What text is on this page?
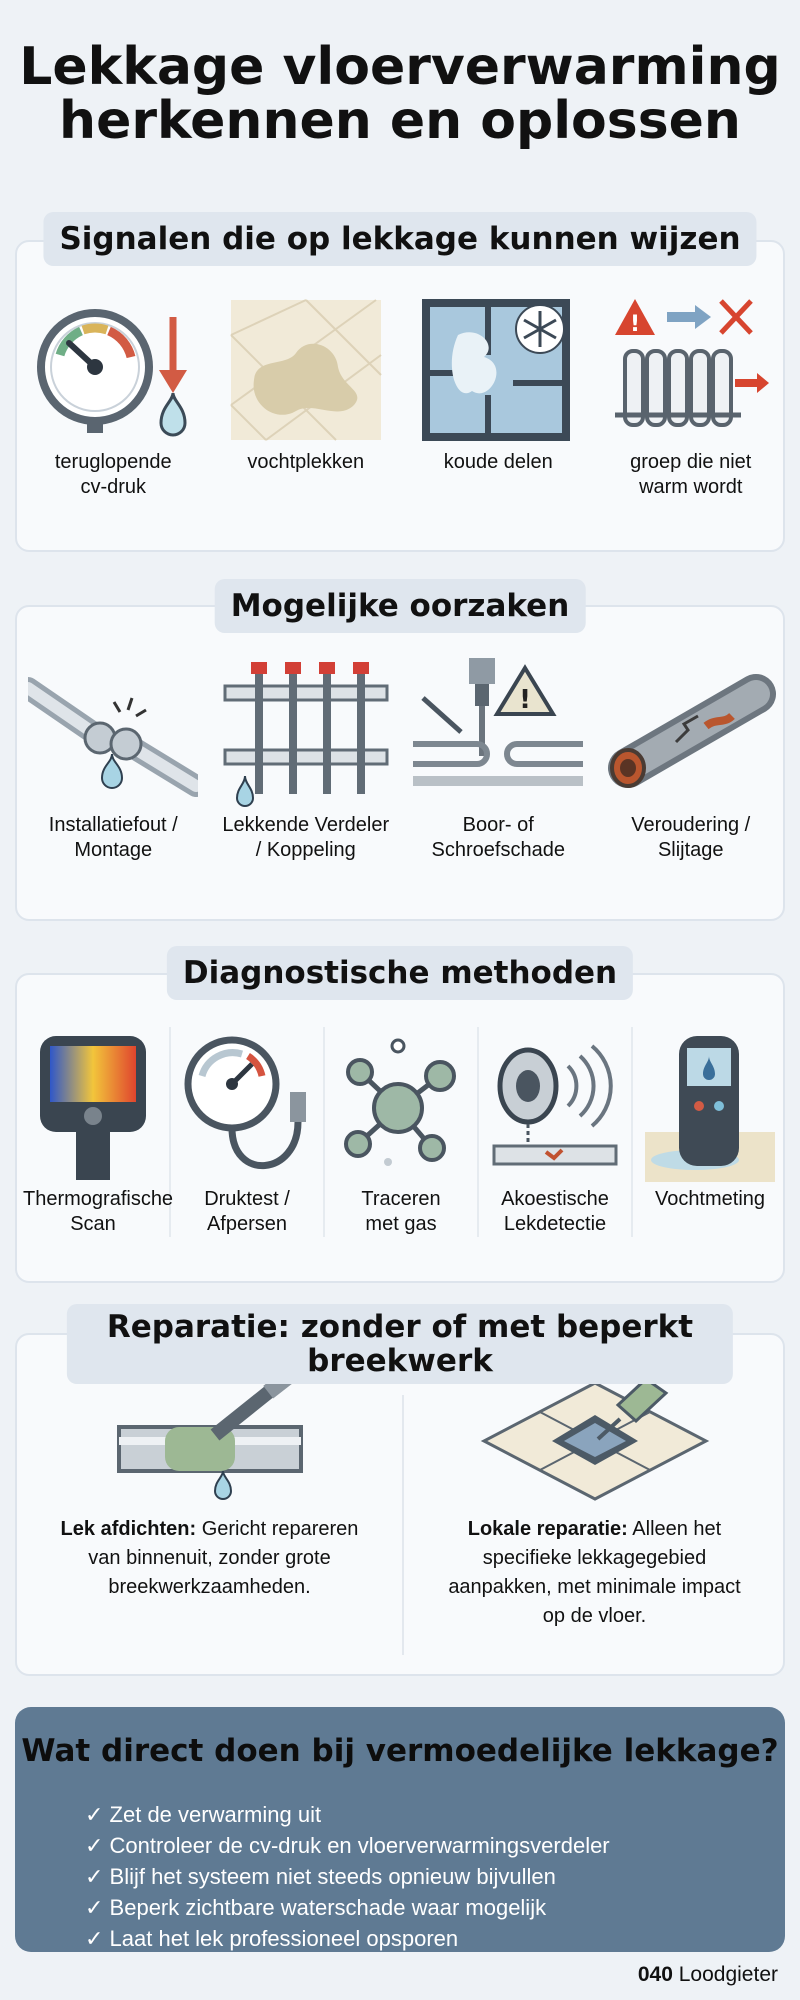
Lekkage vloerverwarming
herkennen en oplossen
teruglopende
cv-druk
vochtplekken	koude delen
!
groep die niet
warm wordt
Signalen die op lekkage kunnen wijzen
Installatiefout /
Montage
Lekkende Verdeler
/ Koppeling
!
Boor- of
Schroefschade
Veroudering /
Slijtage
Mogelijke oorzaken
Thermografische
Scan
Druktest /
Afpersen
Traceren
met gas
Akoestische
Lekdetectie
Vochtmeting
Diagnostische methoden
Lek afdichten: Gericht repareren van binnenuit, zonder grote breekwerkzaamheden.
Lokale reparatie: Alleen het specifieke lekkagegebied aanpakken, met minimale impact op de vloer.
Reparatie: zonder of met beperkt
breekwerk
Wat direct doen bij vermoedelijke lekkage?
✓ Zet de verwarming uit
✓ Controleer de cv-druk en vloerverwarmingsverdeler
✓ Blijf het systeem niet steeds opnieuw bijvullen
✓ Beperk zichtbare waterschade waar mogelijk
✓ Laat het lek professioneel opsporen
040 Loodgieter
